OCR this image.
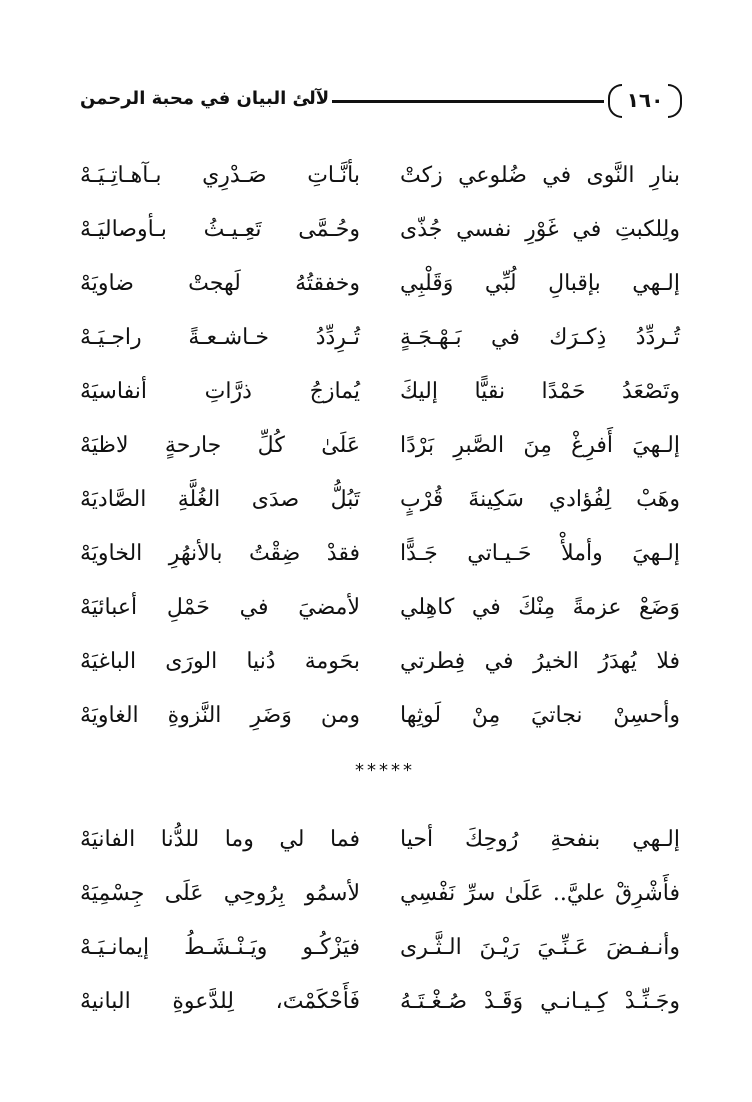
لآلئ البيان في محبة الرحمن	١٦٠
بنارِ النَّوى في ضُلوعي زكتْ
بأنَّـاتِ صَـدْرِي بـآهـاتِـيَـهْ
ولِلكبتِ في غَوْرِ نفسي جُذّى
وحُـمَّى تَعِـيـثُ بـأوصاليَـهْ
إلـهي بإقبالِ لُبِّي وَقَلْبِي
وخفقتُهُ لَهجتْ ضاويَهْ
تُـردِّدُ ذِكـرَك في بَـهْـجَـةٍ
تُـرِدِّدُ خـاشـعـةً راجـيَـهْ
وتَصْعَدُ حَمْدًا نقيًّا إليكَ
يُمازجُ ذرَّاتِ أنفاسيَهْ
إلـهيَ أَفرِغْ مِنَ الصَّبرِ بَرْدًا
عَلَىٰ كُلِّ جارحةٍ لاظيَهْ
وهَبْ لِفُؤادي سَكِينةَ قُرْبٍ
تَبُلُّ صدَى الغُلَّةِ الصَّاديَهْ
إلـهيَ وأملأْ حَـيـاتي جَـدًّا
فقدْ ضِقْتُ بالأنهُرِ الخاويَهْ
وَضَعْ عزمةً مِنْكَ في كاهِلي
لأمضيَ في حَمْلِ أعبائيَهْ
فلا يُهدَرُ الخيرُ في فِطرتي
بحَومة دُنيا الورَى الباغيَهْ
وأحسِنْ نجاتيَ مِنْ لَوثِها
ومن وَضَرِ النَّزوةِ الغاويَهْ
*****
إلـهي بنفحةِ رُوحِكَ أحيا
فما لي وما للدُّنا الفانيَهْ
فأَشْرِقْ عليَّ.. عَلَىٰ سرِّ نَفْسِي
لأسمُو بِرُوحِي عَلَى جِسْمِيَهْ
وأنـفـضَ عَـنِّـيَ رَيْـنَ الـثَّـرى
فيَزْكُـو ويَـنْـشَـطُ إيمانـيَـهْ
وجَـنِّـدْ كِـيـانـي وَقَـدْ صُـغْـتَـهُ
فَأَحْكَمْتَ، لِلدَّعوةِ البانيهْ
